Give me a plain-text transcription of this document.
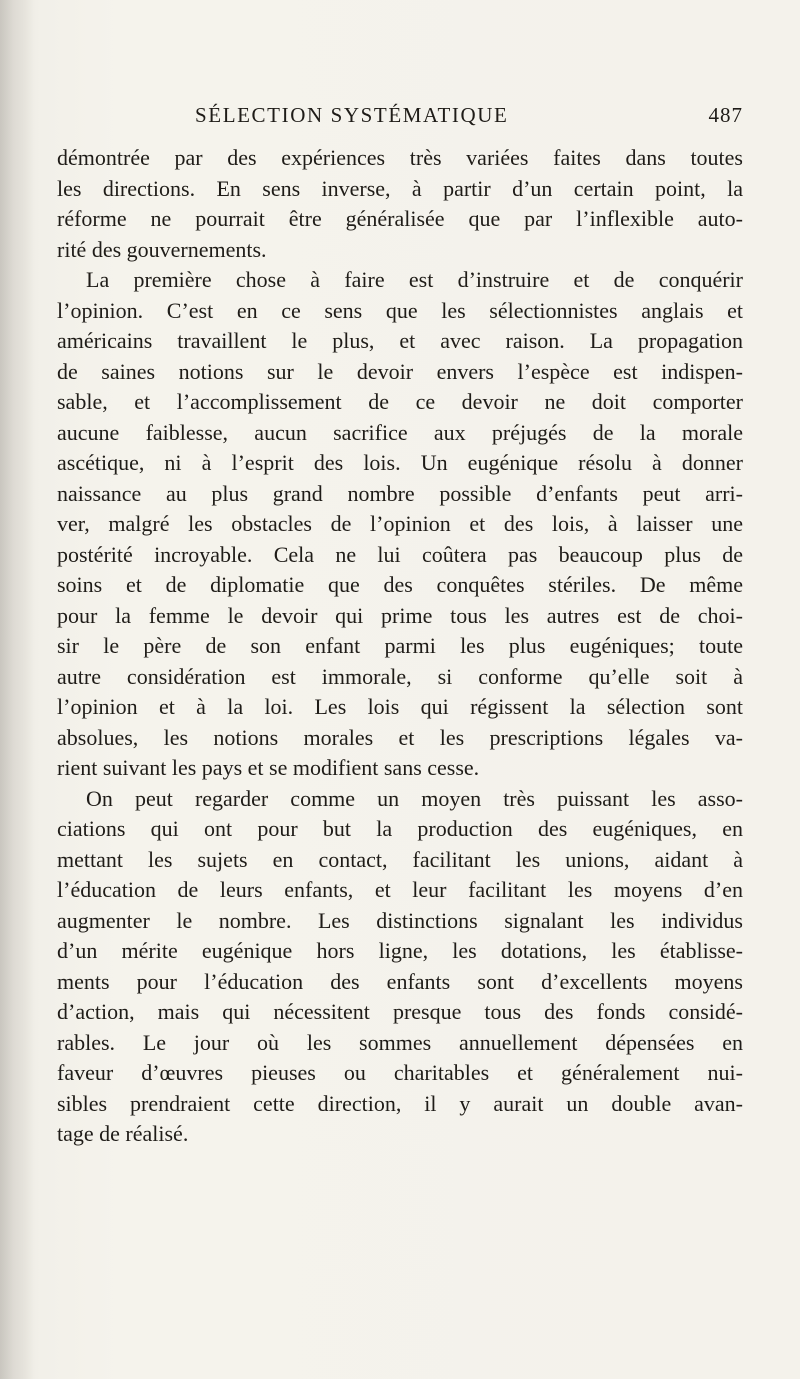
SÉLECTION SYSTÉMATIQUE	487

démontrée par des expériences très variées faites dans toutes
les directions. En sens inverse, à partir d’un certain point, la
réforme ne pourrait être généralisée que par l’inflexible auto-
rité des gouvernements.

La première chose à faire est d’instruire et de conquérir
l’opinion. C’est en ce sens que les sélectionnistes anglais et
américains travaillent le plus, et avec raison. La propagation
de saines notions sur le devoir envers l’espèce est indispen-
sable, et l’accomplissement de ce devoir ne doit comporter
aucune faiblesse, aucun sacrifice aux préjugés de la morale
ascétique, ni à l’esprit des lois. Un eugénique résolu à donner
naissance au plus grand nombre possible d’enfants peut arri-
ver, malgré les obstacles de l’opinion et des lois, à laisser une
postérité incroyable. Cela ne lui coûtera pas beaucoup plus de
soins et de diplomatie que des conquêtes stériles. De même
pour la femme le devoir qui prime tous les autres est de choi-
sir le père de son enfant parmi les plus eugéniques; toute
autre considération est immorale, si conforme qu’elle soit à
l’opinion et à la loi. Les lois qui régissent la sélection sont
absolues, les notions morales et les prescriptions légales va-
rient suivant les pays et se modifient sans cesse.

On peut regarder comme un moyen très puissant les asso-
ciations qui ont pour but la production des eugéniques, en
mettant les sujets en contact, facilitant les unions, aidant à
l’éducation de leurs enfants, et leur facilitant les moyens d’en
augmenter le nombre. Les distinctions signalant les individus
d’un mérite eugénique hors ligne, les dotations, les établisse-
ments pour l’éducation des enfants sont d’excellents moyens
d’action, mais qui nécessitent presque tous des fonds considé-
rables. Le jour où les sommes annuellement dépensées en
faveur d’œuvres pieuses ou charitables et généralement nui-
sibles prendraient cette direction, il y aurait un double avan-
tage de réalisé.
